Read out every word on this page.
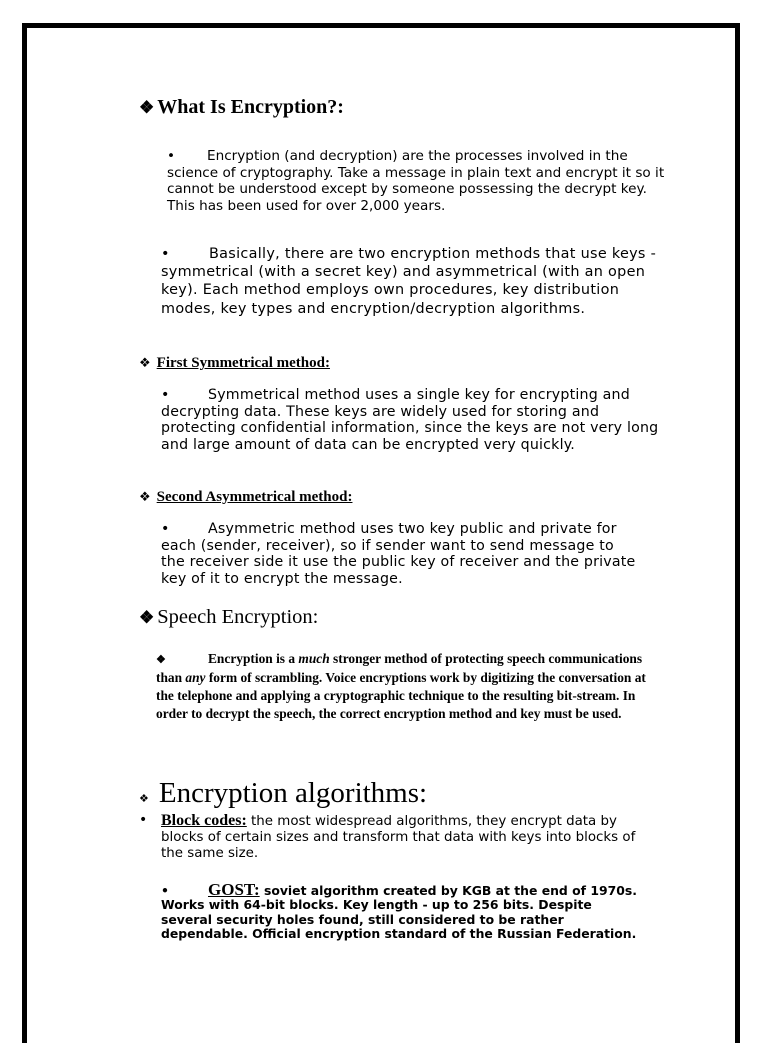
❖ What Is Encryption?:
• Encryption (and decryption) are the processes involved in the science of cryptography. Take a message in plain text and encrypt it so it cannot be understood except by someone possessing the decrypt key. This has been used for over 2,000 years.
•	Basically, there are two encryption methods that use keys - symmetrical (with a secret key) and asymmetrical (with an open key). Each method employs own procedures, key distribution modes, key types and encryption/decryption algorithms.
❖ First Symmetrical method:
•	Symmetrical method uses a single key for encrypting and decrypting data. These keys are widely used for storing and protecting confidential information, since the keys are not very long and large amount of data can be encrypted very quickly.
❖ Second Asymmetrical method:
•	Asymmetric method uses two key public and private for each (sender, receiver), so if sender want to send message to the receiver side it use the public key of receiver and the private key of it to encrypt the message.
❖ Speech Encryption:
❖	Encryption is a much stronger method of protecting speech communications than any form of scrambling. Voice encryptions work by digitizing the conversation at the telephone and applying a cryptographic technique to the resulting bit-stream. In order to decrypt the speech, the correct encryption method and key must be used.
❖ Encryption algorithms:
• Block codes: the most widespread algorithms, they encrypt data by blocks of certain sizes and transform that data with keys into blocks of the same size.
• GOST: soviet algorithm created by KGB at the end of 1970s. Works with 64-bit blocks. Key length - up to 256 bits. Despite several security holes found, still considered to be rather dependable. Official encryption standard of the Russian Federation.
